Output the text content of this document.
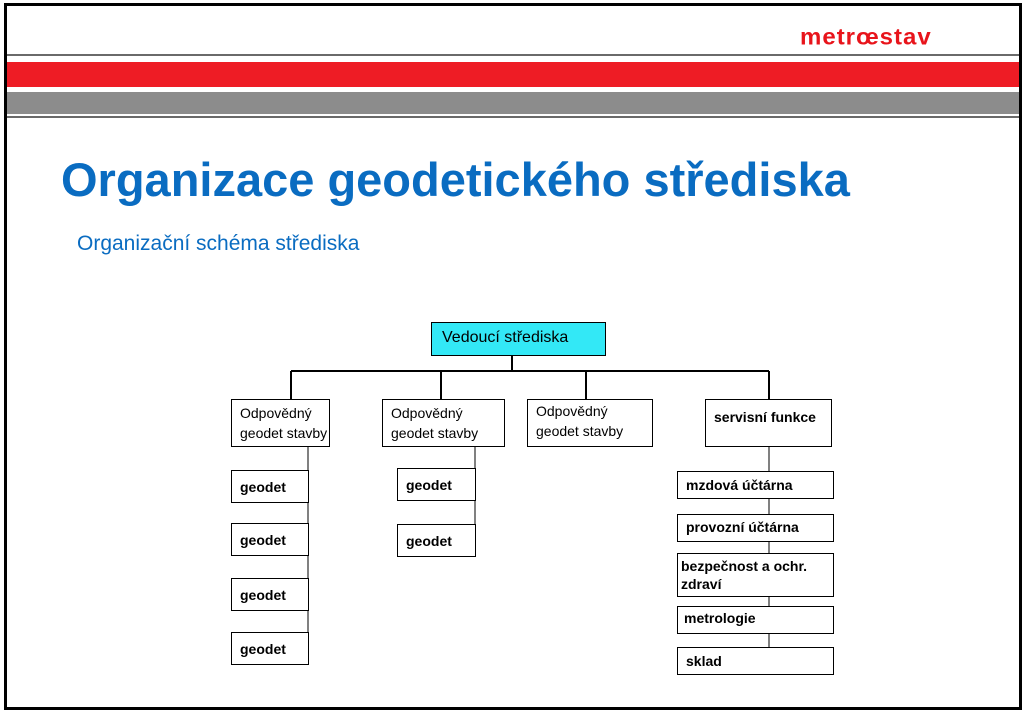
metrœstav
Organizace geodetického střediska
Organizační schéma střediska
Vedoucí střediska
Odpovědný geodet stavby
Odpovědný geodet stavby
Odpovědný geodet stavby
servisní funkce
geodet
geodet
geodet
geodet
geodet
geodet
mzdová účtárna
provozní účtárna
bezpečnost a ochr. zdraví
metrologie
sklad
